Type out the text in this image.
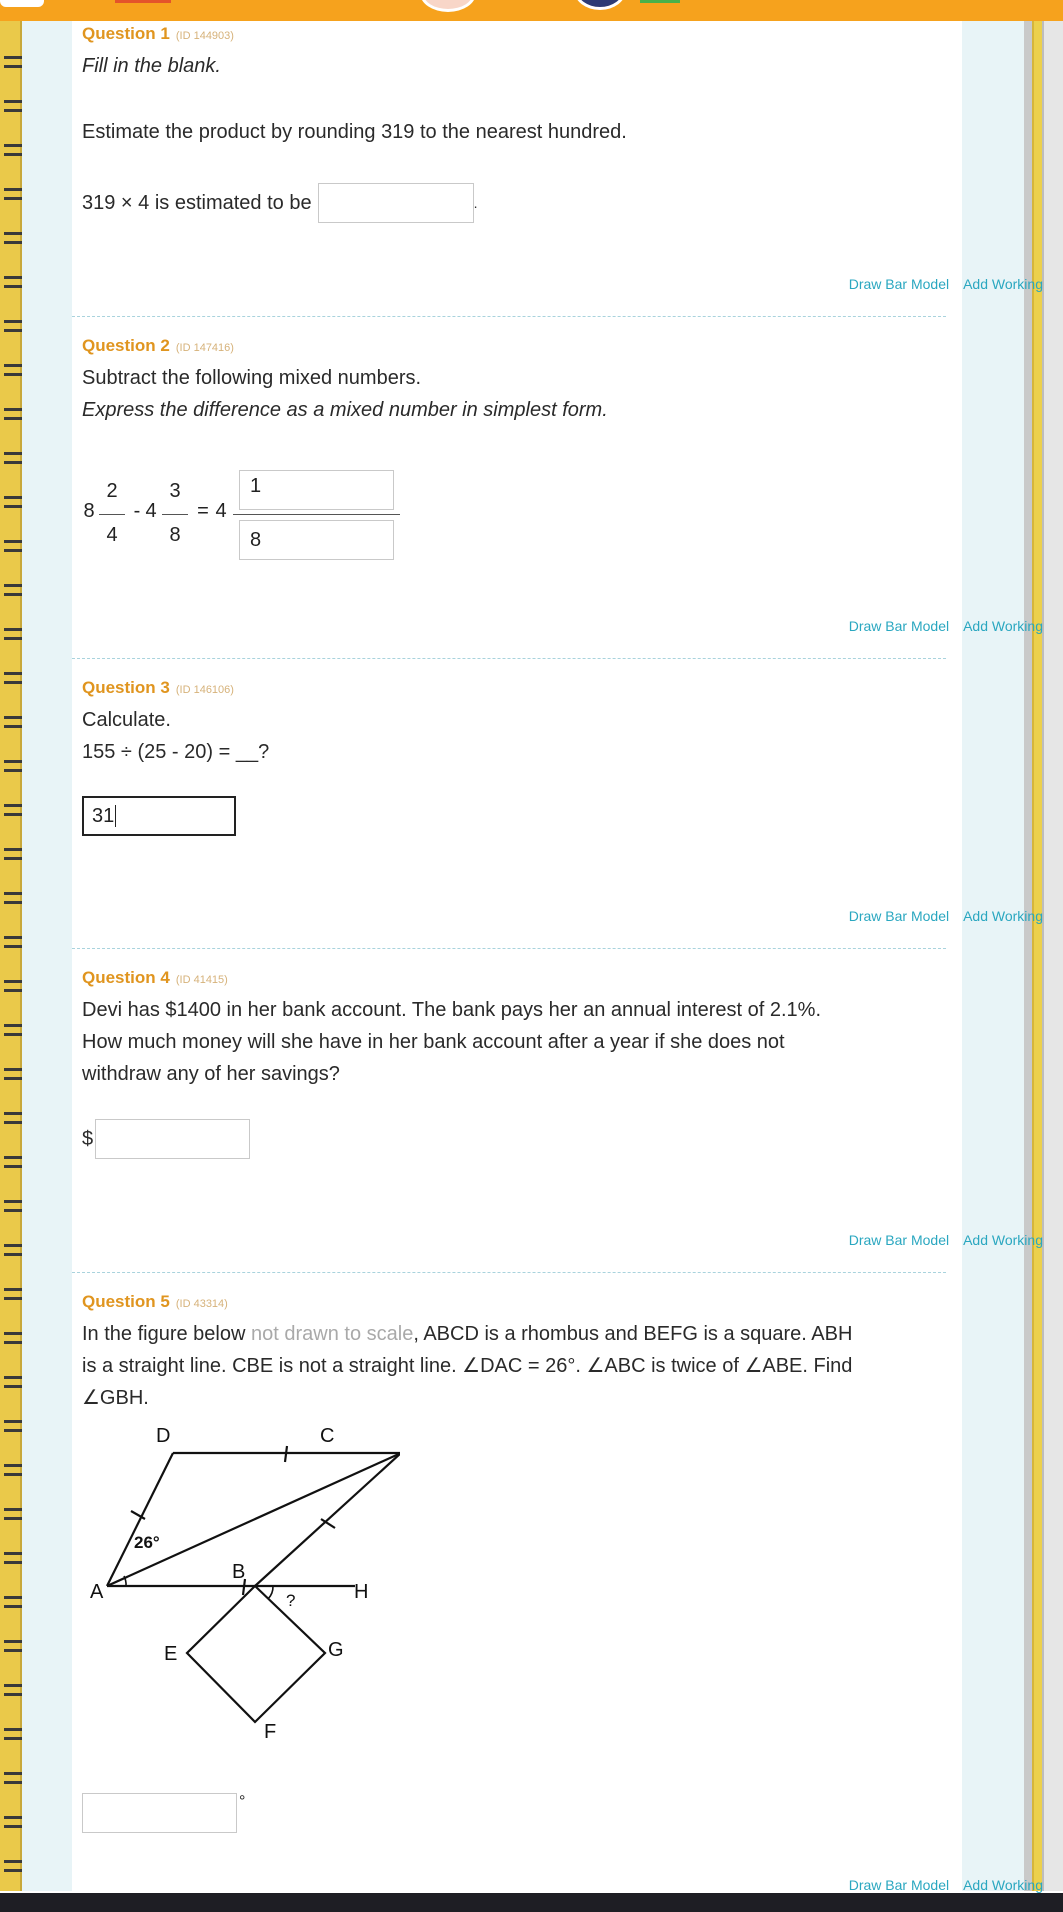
Question 1 (ID 144903)
Fill in the blank.
Estimate the product by rounding 319 to the nearest hundred.
319 × 4 is estimated to be	.
Draw Bar Model Add Working
Question 2 (ID 147416)
Subtract the following mixed numbers.
Express the difference as a mixed number in simplest form.
8
2
4
- 4
3
8
= 4
1
8
Draw Bar Model Add Working
Question 3 (ID 146106)
Calculate.
155 ÷ (25 - 20) = __?
31
Draw Bar Model Add Working
Question 4 (ID 41415)
Devi has $1400 in her bank account. The bank pays her an annual interest of 2.1%.
How much money will she have in her bank account after a year if she does not
withdraw any of her savings?
$
Draw Bar Model Add Working
Question 5 (ID 43314)
In the figure below not drawn to scale, ABCD is a rhombus and BEFG is a square. ABH
is a straight line. CBE is not a straight line. ∠DAC = 26°. ∠ABC is twice of ∠ABE. Find
∠GBH.
D	C
A
B
H
E	G
F
26°
?
°
Draw Bar Model Add Working
